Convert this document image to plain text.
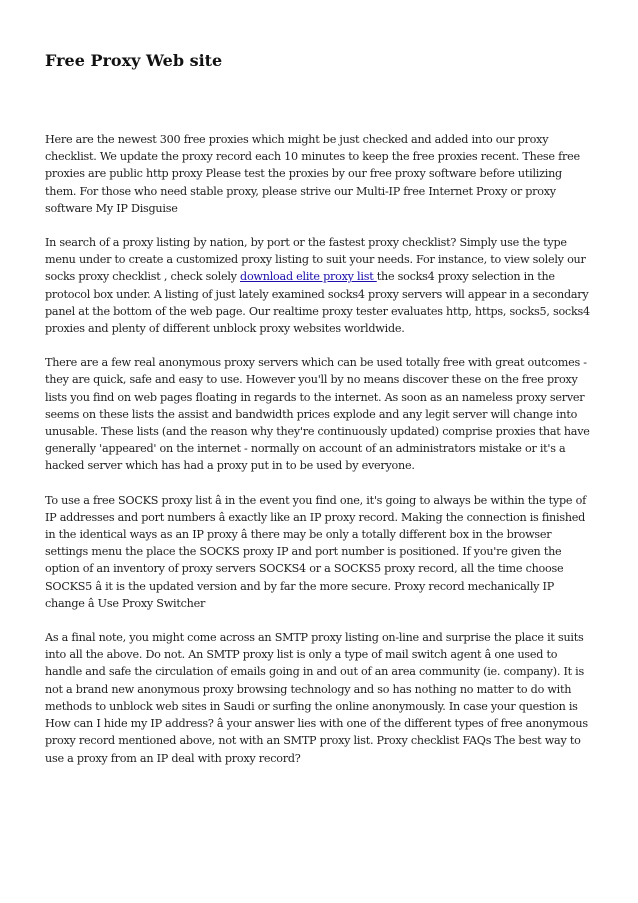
Free Proxy Web site

Here are the newest 300 free proxies which might be just checked and added into our proxy checklist. We update the proxy record each 10 minutes to keep the free proxies recent. These free proxies are public http proxy Please test the proxies by our free proxy software before utilizing them. For those who need stable proxy, please strive our Multi-IP free Internet Proxy or proxy software My IP Disguise

In search of a proxy listing by nation, by port or the fastest proxy checklist? Simply use the type menu under to create a customized proxy listing to suit your needs. For instance, to view solely our socks proxy checklist , check solely download elite proxy list the socks4 proxy selection in the protocol box under. A listing of just lately examined socks4 proxy servers will appear in a secondary panel at the bottom of the web page. Our realtime proxy tester evaluates http, https, socks5, socks4 proxies and plenty of different unblock proxy websites worldwide.

There are a few real anonymous proxy servers which can be used totally free with great outcomes - they are quick, safe and easy to use. However you'll by no means discover these on the free proxy lists you find on web pages floating in regards to the internet. As soon as an nameless proxy server seems on these lists the assist and bandwidth prices explode and any legit server will change into unusable. These lists (and the reason why they're continuously updated) comprise proxies that have generally 'appeared' on the internet - normally on account of an administrators mistake or it's a hacked server which has had a proxy put in to be used by everyone.

To use a free SOCKS proxy list â in the event you find one, it's going to always be within the type of IP addresses and port numbers â exactly like an IP proxy record. Making the connection is finished in the identical ways as an IP proxy â there may be only a totally different box in the browser settings menu the place the SOCKS proxy IP and port number is positioned. If you're given the option of an inventory of proxy servers SOCKS4 or a SOCKS5 proxy record, all the time choose SOCKS5 â it is the updated version and by far the more secure. Proxy record mechanically IP change â Use Proxy Switcher

As a final note, you might come across an SMTP proxy listing on-line and surprise the place it suits into all the above. Do not. An SMTP proxy list is only a type of mail switch agent â one used to handle and safe the circulation of emails going in and out of an area community (ie. company). It is not a brand new anonymous proxy browsing technology and so has nothing no matter to do with methods to unblock web sites in Saudi or surfing the online anonymously. In case your question is How can I hide my IP address? â your answer lies with one of the different types of free anonymous proxy record mentioned above, not with an SMTP proxy list. Proxy checklist FAQs The best way to use a proxy from an IP deal with proxy record?
